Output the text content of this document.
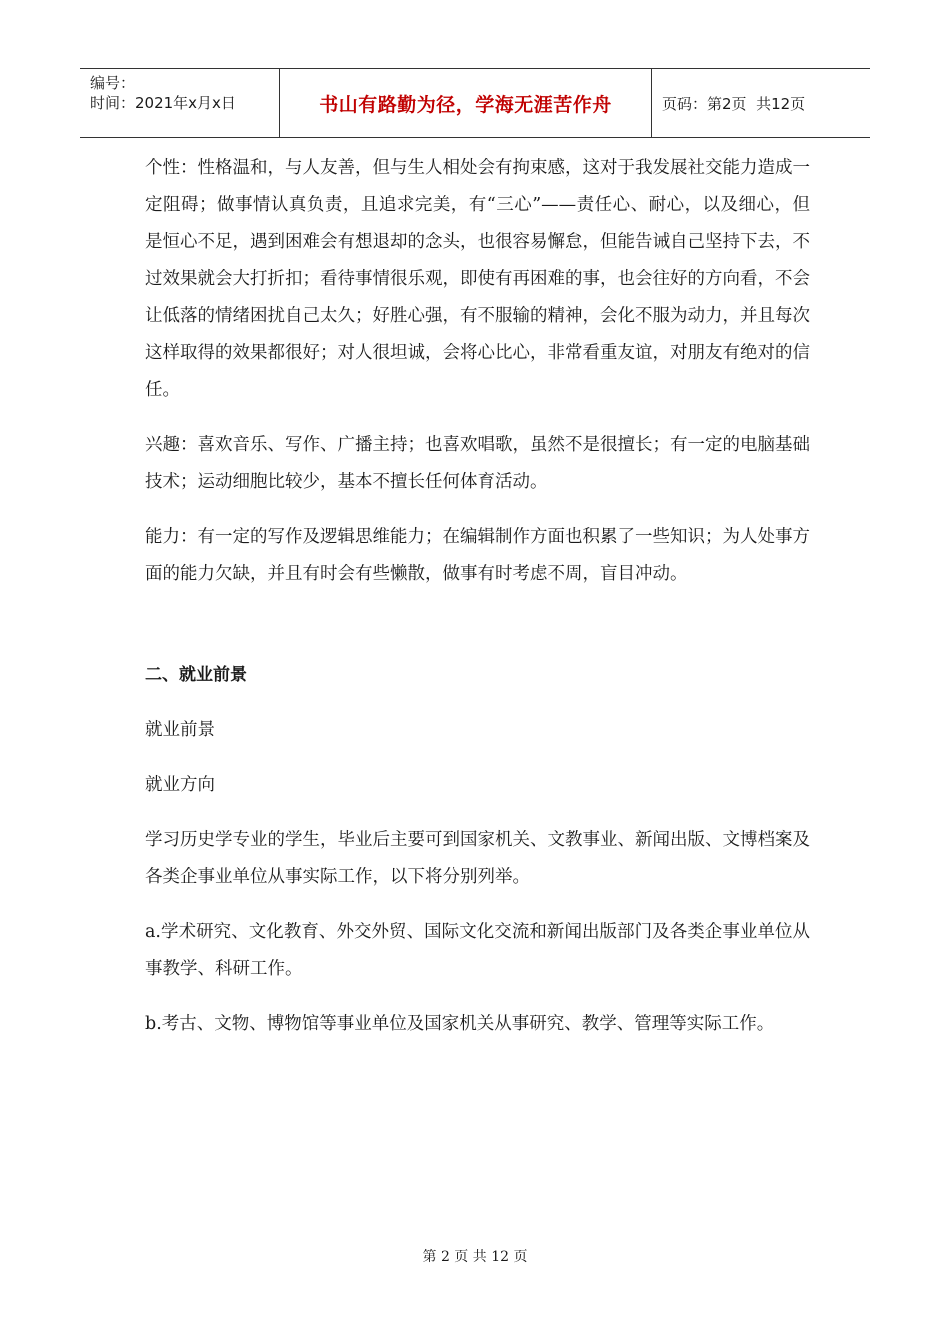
编号：
时间：2021年x月x日	书山有路勤为径，学海无涯苦作舟	页码：第2页  共12页

个性：性格温和，与人友善，但与生人相处会有拘束感，这对于我发展社交能力造成一定阻碍；做事情认真负责，且追求完美，有“三心”——责任心、耐心，以及细心，但是恒心不足，遇到困难会有想退却的念头，也很容易懈怠，但能告诫自己坚持下去，不过效果就会大打折扣；看待事情很乐观，即使有再困难的事，也会往好的方向看，不会让低落的情绪困扰自己太久；好胜心强，有不服输的精神，会化不服为动力，并且每次这样取得的效果都很好；对人很坦诚，会将心比心，非常看重友谊，对朋友有绝对的信任。

兴趣：喜欢音乐、写作、广播主持；也喜欢唱歌，虽然不是很擅长；有一定的电脑基础技术；运动细胞比较少，基本不擅长任何体育活动。

能力：有一定的写作及逻辑思维能力；在编辑制作方面也积累了一些知识；为人处事方面的能力欠缺，并且有时会有些懒散，做事有时考虑不周，盲目冲动。

二、就业前景

就业前景

就业方向

学习历史学专业的学生，毕业后主要可到国家机关、文教事业、新闻出版、文博档案及各类企事业单位从事实际工作，以下将分别列举。

a.学术研究、文化教育、外交外贸、国际文化交流和新闻出版部门及各类企事业单位从事教学、科研工作。

b.考古、文物、博物馆等事业单位及国家机关从事研究、教学、管理等实际工作。

第 2 页 共 12 页
